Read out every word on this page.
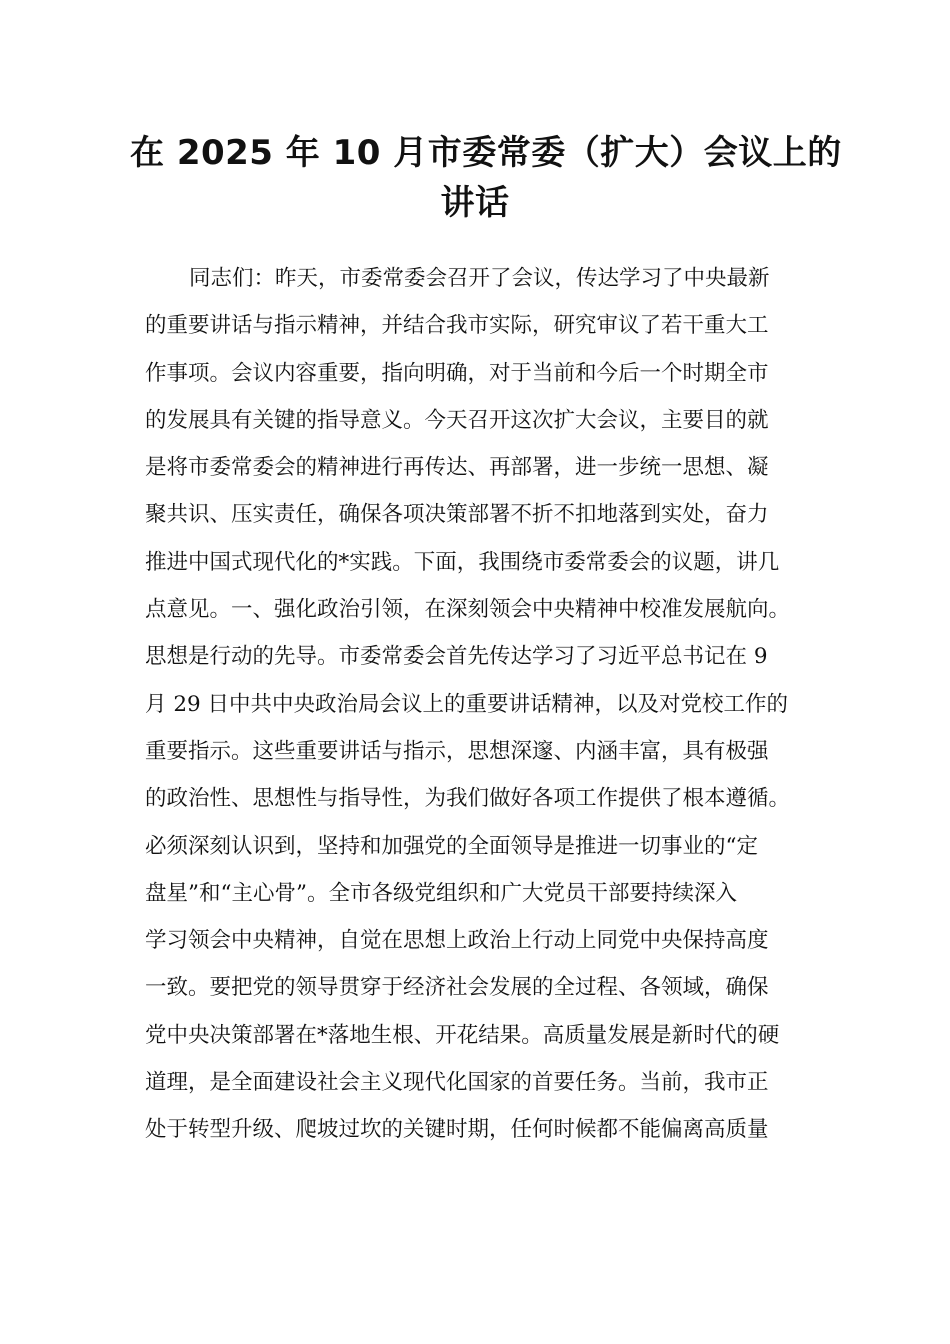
在 2025 年 10 月市委常委（扩大）会议上的
讲话
同志们：昨天，市委常委会召开了会议，传达学习了中央最新
的重要讲话与指示精神，并结合我市实际，研究审议了若干重大工
作事项。会议内容重要，指向明确，对于当前和今后一个时期全市
的发展具有关键的指导意义。今天召开这次扩大会议，主要目的就
是将市委常委会的精神进行再传达、再部署，进一步统一思想、凝
聚共识、压实责任，确保各项决策部署不折不扣地落到实处，奋力
推进中国式现代化的*实践。下面，我围绕市委常委会的议题，讲几
点意见。一、强化政治引领，在深刻领会中央精神中校准发展航向。
思想是行动的先导。市委常委会首先传达学习了习近平总书记在 9
月 29 日中共中央政治局会议上的重要讲话精神，以及对党校工作的
重要指示。这些重要讲话与指示，思想深邃、内涵丰富，具有极强
的政治性、思想性与指导性，为我们做好各项工作提供了根本遵循。
必须深刻认识到，坚持和加强党的全面领导是推进一切事业的“定
盘星”和“主心骨”。全市各级党组织和广大党员干部要持续深入
学习领会中央精神，自觉在思想上政治上行动上同党中央保持高度
一致。要把党的领导贯穿于经济社会发展的全过程、各领域，确保
党中央决策部署在*落地生根、开花结果。高质量发展是新时代的硬
道理，是全面建设社会主义现代化国家的首要任务。当前，我市正
处于转型升级、爬坡过坎的关键时期，任何时候都不能偏离高质量
